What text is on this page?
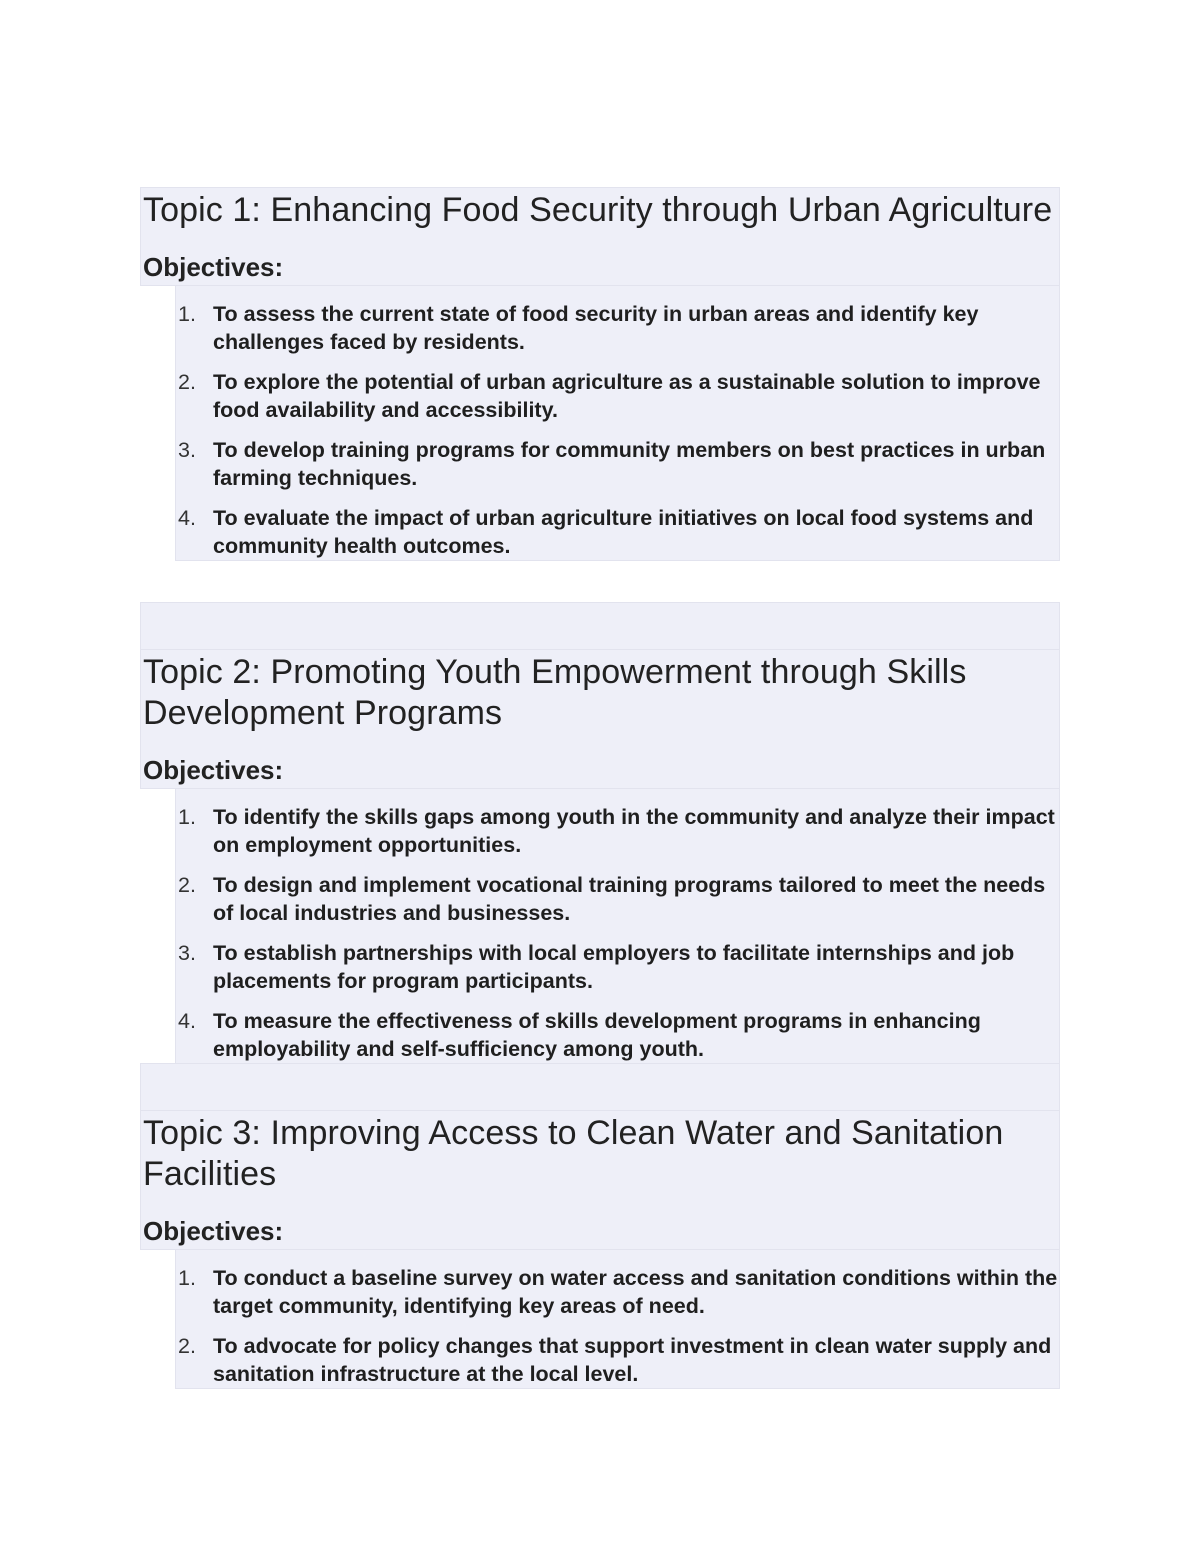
Topic 1: Enhancing Food Security through Urban Agriculture
Objectives:
1. To assess the current state of food security in urban areas and identify key challenges faced by residents.
2. To explore the potential of urban agriculture as a sustainable solution to improve food availability and accessibility.
3. To develop training programs for community members on best practices in urban farming techniques.
4. To evaluate the impact of urban agriculture initiatives on local food systems and community health outcomes.
Topic 2: Promoting Youth Empowerment through Skills Development Programs
Objectives:
1. To identify the skills gaps among youth in the community and analyze their impact on employment opportunities.
2. To design and implement vocational training programs tailored to meet the needs of local industries and businesses.
3. To establish partnerships with local employers to facilitate internships and job placements for program participants.
4. To measure the effectiveness of skills development programs in enhancing employability and self-sufficiency among youth.
Topic 3: Improving Access to Clean Water and Sanitation Facilities
Objectives:
1. To conduct a baseline survey on water access and sanitation conditions within the target community, identifying key areas of need.
2. To advocate for policy changes that support investment in clean water supply and sanitation infrastructure at the local level.
